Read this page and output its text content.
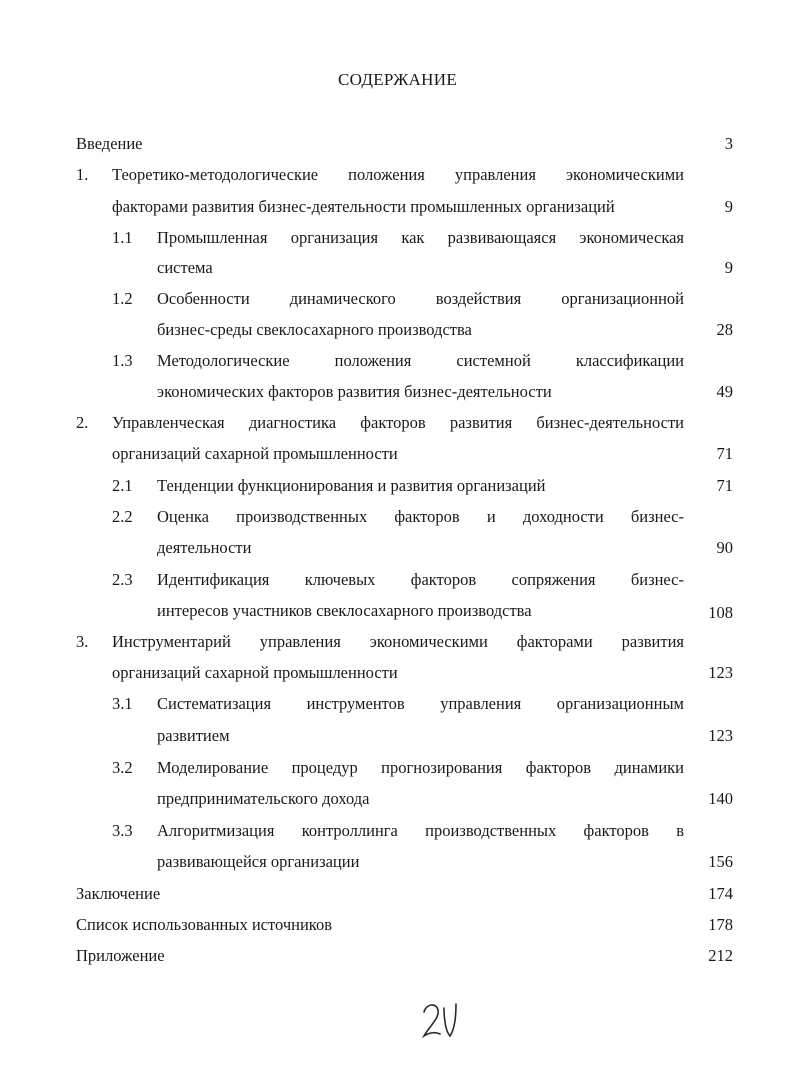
СОДЕРЖАНИЕ
Введение	3
1. Теоретико-методологические положения управления экономическими
факторами развития бизнес-деятельности промышленных организаций	9
1.1 Промышленная организация как развивающаяся экономическая
система	9
1.2 Особенности динамического воздействия организационной
бизнес-среды свеклосахарного производства	28
1.3 Методологические положения системной классификации
экономических факторов развития бизнес-деятельности	49
2. Управленческая диагностика факторов развития бизнес-деятельности
организаций сахарной промышленности	71
2.1 Тенденции функционирования и развития организаций	71
2.2 Оценка производственных факторов и доходности бизнес-
деятельности	90
2.3 Идентификация ключевых факторов сопряжения бизнес-
интересов участников свеклосахарного производства	108
3. Инструментарий управления экономическими факторами развития
организаций сахарной промышленности	123
3.1 Систематизация инструментов управления организационным
развитием	123
3.2 Моделирование процедур прогнозирования факторов динамики
предпринимательского дохода	140
3.3 Алгоритмизация контроллинга производственных факторов в
развивающейся организации	156
Заключение	174
Список использованных источников	178
Приложение	212
